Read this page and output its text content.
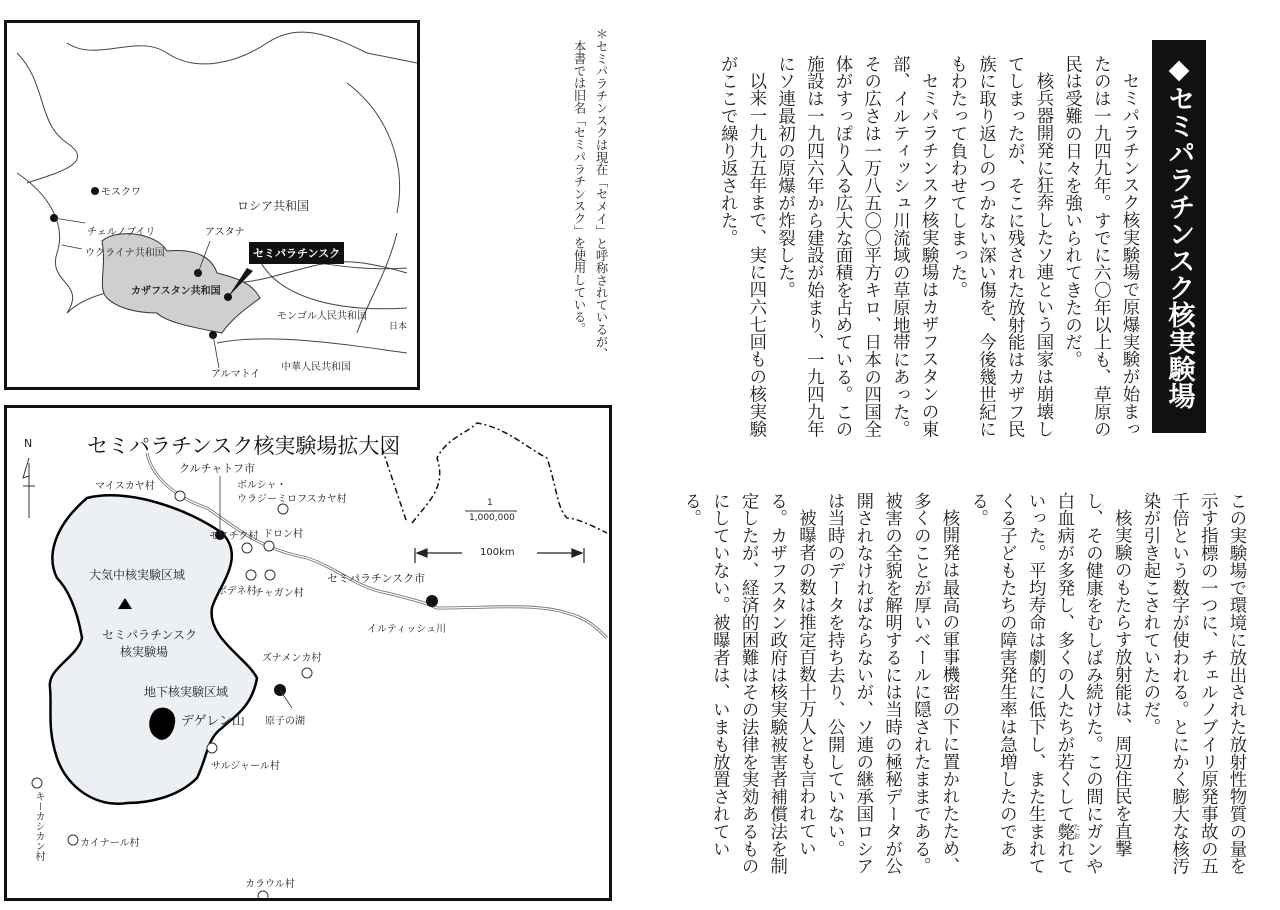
モスクワ
チェルノブイリ
ウクライナ共和国
ロシア共和国
アスタナ
セミパラチンスク
カザフスタン共和国
モンゴル人民共和国
アルマトイ
中華人民共和国
日本	＊セミパラチンスクは現在「セメイ」と呼称されているが、

本書では旧名「セミパラチンスク」を使用している。

N	セミパラチンスク核実験場拡大図
1
1,000,000
100km
クルチャトフ市
マイスカヤ村	ボルシャ・
ウラジーミロフスカヤ村
モスチク村 ドロン村
ボデネ村
チャガン村
セミパラチンスク市
イルティッシュ川
大気中核実験区域
セミパラチンスク
核実験場	ズナメンカ村
地下核実験区域
原子の湖
デゲレン山
サルジャール村
キーカシカン村	カイナール村
カラウル村
◆セミパラチンスク核実験場

セミパラチンスク核実験場で原爆実験が始まったのは一九四九年。すでに六〇年以上も、草原の民は受難の日々を強いられてきたのだ。

核兵器開発に狂奔したソ連という国家は崩壊してしまったが、そこに残された放射能はカザフ民族に取り返しのつかない深い傷を、今後幾世紀にもわたって負わせてしまった。

セミパラチンスク核実験場はカザフスタンの東部、イルティッシュ川流域の草原地帯にあった。その広さは一万八五〇〇平方キロ、日本の四国全体がすっぽり入る広大な面積を占めている。この施設は一九四六年から建設が始まり、一九四九年にソ連最初の原爆が炸裂した。

以来一九九五年まで、実に四六七回もの核実験がここで繰り返された。

この実験場で環境に放出された放射性物質の量を示す指標の一つに、チェルノブイリ原発事故の五千倍という数字が使われる。とにかく膨大な核汚染が引き起こされていたのだ。

核実験のもたらす放射能は、周辺住民を直撃し、その健康をむしばみ続けた。この間にガンや白血病が多発し、多くの人たちが若くして斃 たおれていった。平均寿命は劇的に低下し、また生まれてくる子どもたちの障害発生率は急増したのである。

核開発は最高の軍事機密の下に置かれたため、多くのことが厚いベールに隠されたままである。被害の全貌を解明するには当時の極秘データが公開されなければならないが、ソ連の継承国ロシアは当時のデータを持ち去り、公開していない。

被曝者の数は推定百数十万人とも言われている。カザフスタン政府は核実験被害者補償法を制定したが、経済的困難はその法律を実効あるものにしていない。被曝者は、いまも放置されている。
